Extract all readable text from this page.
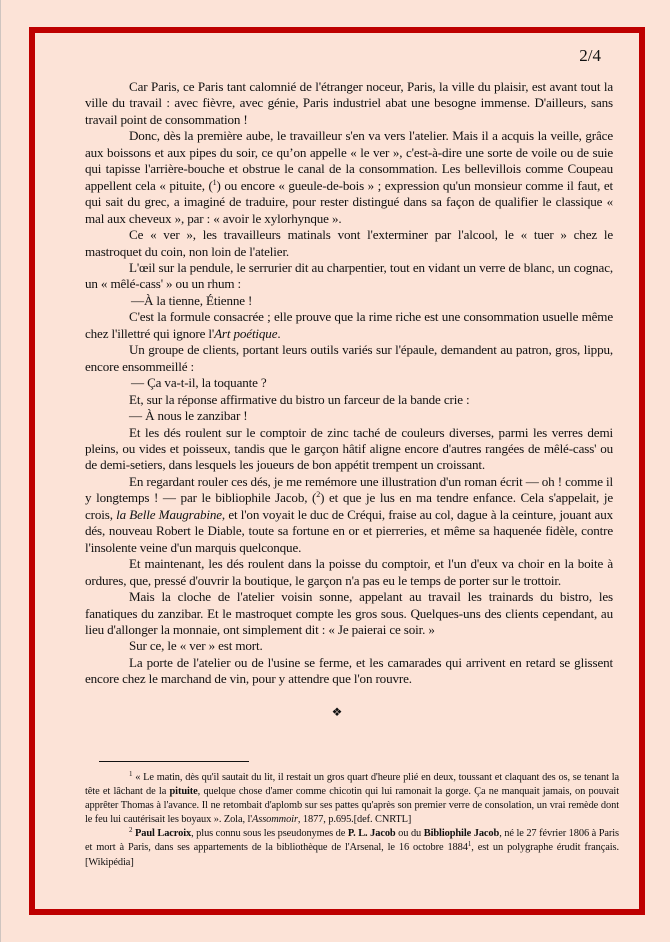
2/4

Car Paris, ce Paris tant calomnié de l'étranger noceur, Paris, la ville du plaisir, est avant tout la ville du travail : avec fièvre, avec génie, Paris industriel abat une besogne immense. D'ailleurs, sans travail point de consommation !

Donc, dès la première aube, le travailleur s'en va vers l'atelier. Mais il a acquis la veille, grâce aux boissons et aux pipes du soir, ce qu’on appelle « le ver », c'est-à-dire une sorte de voile ou de suie qui tapisse l'arrière-bouche et obstrue le canal de la consommation. Les bellevillois comme Coupeau appellent cela « pituite, ($^1$) ou encore « gueule-de-bois » ; expression qu'un monsieur comme il faut, et qui sait du grec, a imaginé de traduire, pour rester distingué dans sa façon de qualifier le classique « mal aux cheveux », par : « avoir le xylorhynque ».

Ce « ver », les travailleurs matinals vont l'exterminer par l'alcool, le « tuer » chez le mastroquet du coin, non loin de l'atelier.

L'œil sur la pendule, le serrurier dit au charpentier, tout en vidant un verre de blanc, un cognac, un « mêlé-cass' » ou un rhum :

—À la tienne, Étienne !

C'est la formule consacrée ; elle prouve que la rime riche est une consommation usuelle même chez l'illettré qui ignore l'Art poétique.

Un groupe de clients, portant leurs outils variés sur l'épaule, demandent au patron, gros, lippu, encore ensommeillé :

— Ça va-t-il, la toquante ?

Et, sur la réponse affirmative du bistro un farceur de la bande crie :

— À nous le zanzibar !

Et les dés roulent sur le comptoir de zinc taché de couleurs diverses, parmi les verres demi pleins, ou vides et poisseux, tandis que le garçon hâtif aligne encore d'autres rangées de mêlé-cass' ou de demi-setiers, dans lesquels les joueurs de bon appétit trempent un croissant.

En regardant rouler ces dés, je me remémore une illustration d'un roman écrit — oh ! comme il y longtemps ! — par le bibliophile Jacob, ($^2$) et que je lus en ma tendre enfance. Cela s'appelait, je crois, la Belle Maugrabine, et l'on voyait le duc de Créqui, fraise au col, dague à la ceinture, jouant aux dés, nouveau Robert le Diable, toute sa fortune en or et pierreries, et même sa haquenée fidèle, contre l'insolente veine d'un marquis quelconque.

Et maintenant, les dés roulent dans la poisse du comptoir, et l'un d'eux va choir en la boite à ordures, que, pressé d'ouvrir la boutique, le garçon n'a pas eu le temps de porter sur le trottoir.

Mais la cloche de l'atelier voisin sonne, appelant au travail les trainards du bistro, les fanatiques du zanzibar. Et le mastroquet compte les gros sous. Quelques-uns des clients cependant, au lieu d'allonger la monnaie, ont simplement dit : « Je paierai ce soir. »

Sur ce, le « ver » est mort.

La porte de l'atelier ou de l'usine se ferme, et les camarades qui arrivent en retard se glissent encore chez le marchand de vin, pour y attendre que l'on rouvre.

❖

$^1$ « Le matin, dès qu'il sautait du lit, il restait un gros quart d'heure plié en deux, toussant et claquant des os, se tenant la tête et lâchant de la pituite, quelque chose d'amer comme chicotin qui lui ramonait la gorge. Ça ne manquait jamais, on pouvait apprêter Thomas à l'avance. Il ne retombait d'aplomb sur ses pattes qu'après son premier verre de consolation, un vrai remède dont le feu lui cautérisait les boyaux ». Zola, l'Assommoir, 1877, p.695.[def. CNRTL]

$^2$ Paul Lacroix, plus connu sous les pseudonymes de P. L. Jacob ou du Bibliophile Jacob, né le 27 février 1806 à Paris et mort à Paris, dans ses appartements de la bibliothèque de l'Arsenal, le 16 octobre 1884$^1$, est un polygraphe érudit français. [Wikipédia]
